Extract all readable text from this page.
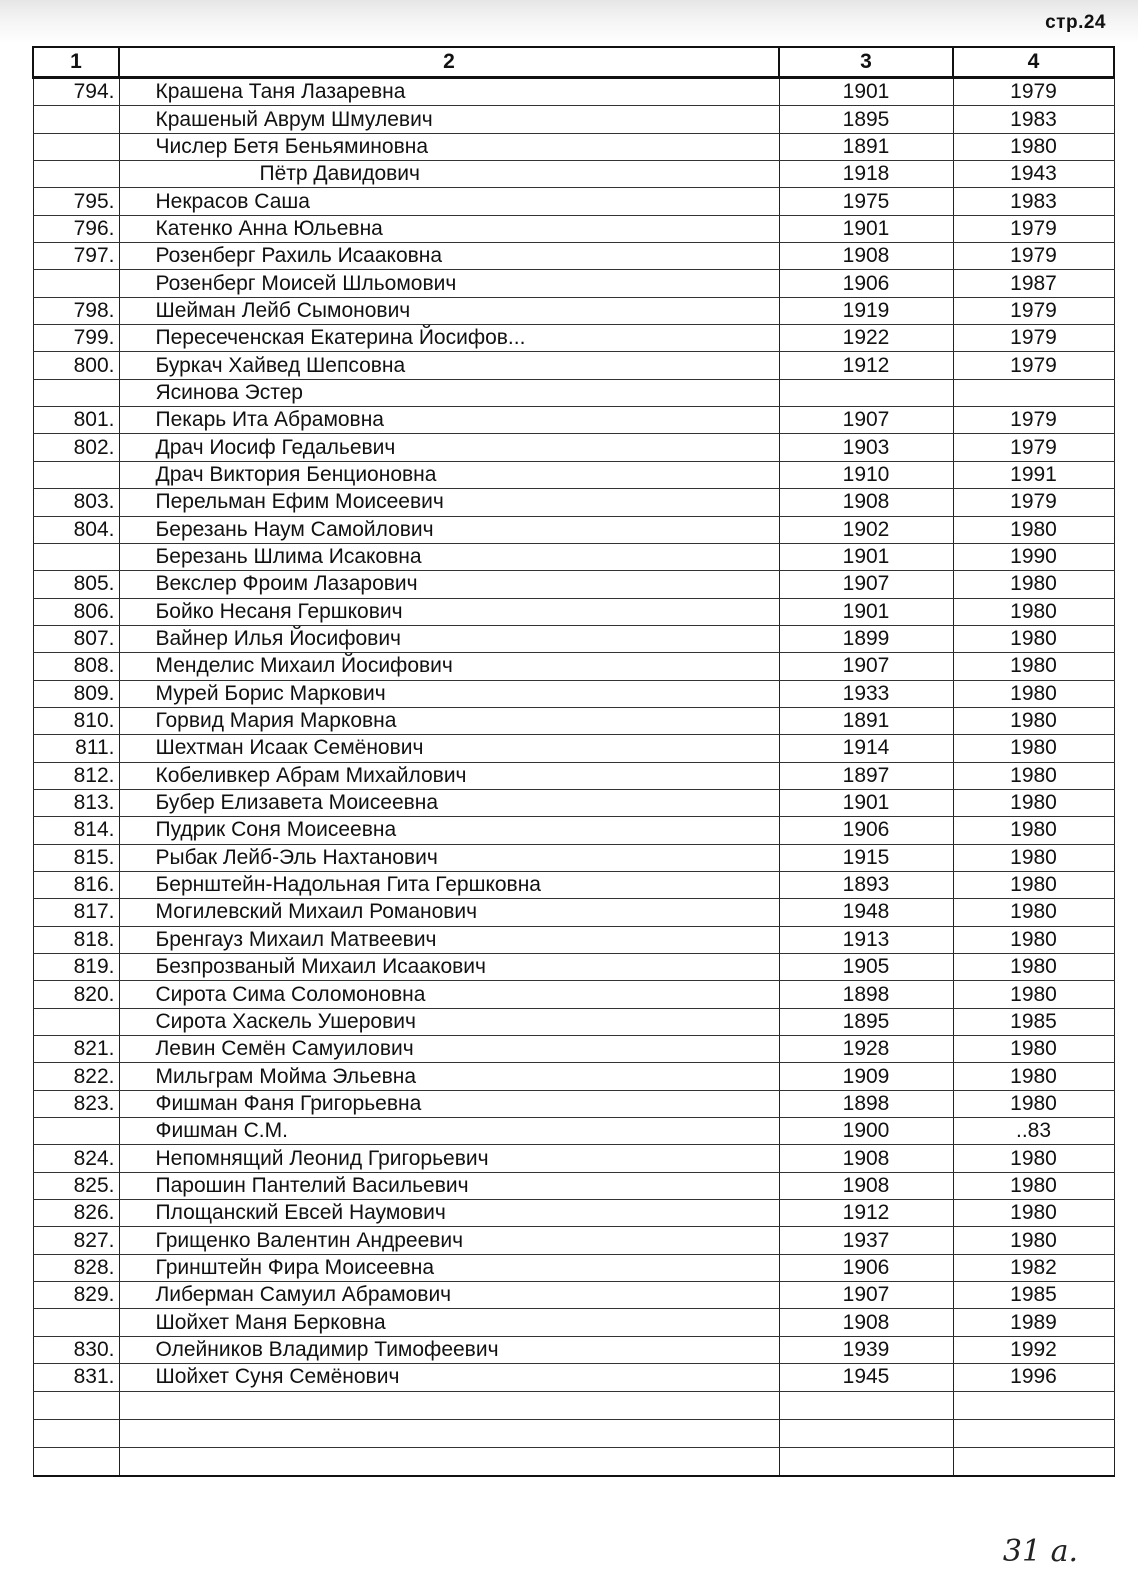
стр.24
1	2	3	4
794.	Крашена Таня Лазаревна	1901	1979
	Крашеный Аврум Шмулевич	1895	1983
	Числер Бетя Беньяминовна	1891	1980
	Пётр Давидович	1918	1943
795.	Некрасов Саша	1975	1983
796.	Катенко Анна Юльевна	1901	1979
797.	Розенберг Рахиль Исааковна	1908	1979
	Розенберг Моисей Шльомович	1906	1987
798.	Шейман Лейб Сымонович	1919	1979
799.	Пересеченская Екатерина Йосифов...	1922	1979
800.	Буркач Хайвед Шепсовна	1912	1979
	Ясинова Эстер		
801.	Пекарь Ита Абрамовна	1907	1979
802.	Драч Иосиф Гедальевич	1903	1979
	Драч Виктория Бенционовна	1910	1991
803.	Перельман Ефим Моисеевич	1908	1979
804.	Березань Наум Самойлович	1902	1980
	Березань Шлима Исаковна	1901	1990
805.	Векслер Фроим Лазарович	1907	1980
806.	Бойко Несаня Гершкович	1901	1980
807.	Вайнер Илья Йосифович	1899	1980
808.	Менделис Михаил Йосифович	1907	1980
809.	Мурей Борис Маркович	1933	1980
810.	Горвид Мария Марковна	1891	1980
811.	Шехтман Исаак Семёнович	1914	1980
812.	Кобеливкер Абрам Михайлович	1897	1980
813.	Бубер Елизавета Моисеевна	1901	1980
814.	Пудрик Соня Моисеевна	1906	1980
815.	Рыбак Лейб-Эль Нахтанович	1915	1980
816.	Бернштейн-Надольная Гита Гершковна	1893	1980
817.	Могилевский Михаил Романович	1948	1980
818.	Бренгауз Михаил Матвеевич	1913	1980
819.	Безпрозваный Михаил Исаакович	1905	1980
820.	Сирота Сима Соломоновна	1898	1980
	Сирота Хаскель Ушерович	1895	1985
821.	Левин Семён Самуилович	1928	1980
822.	Мильграм Мойма Эльевна	1909	1980
823.	Фишман Фаня Григорьевна	1898	1980
	Фишман С.М.	1900	..83
824.	Непомнящий Леонид Григорьевич	1908	1980
825.	Парошин Пантелий Васильевич	1908	1980
826.	Площанский Евсей Наумович	1912	1980
827.	Грищенко Валентин Андреевич	1937	1980
828.	Гринштейн Фира Моисеевна	1906	1982
829.	Либерман Самуил Абрамович	1907	1985
	Шойхет Маня Берковна	1908	1989
830.	Олейников Владимир Тимофеевич	1939	1992
831.	Шойхет Суня Семёнович	1945	1996

31 а.
